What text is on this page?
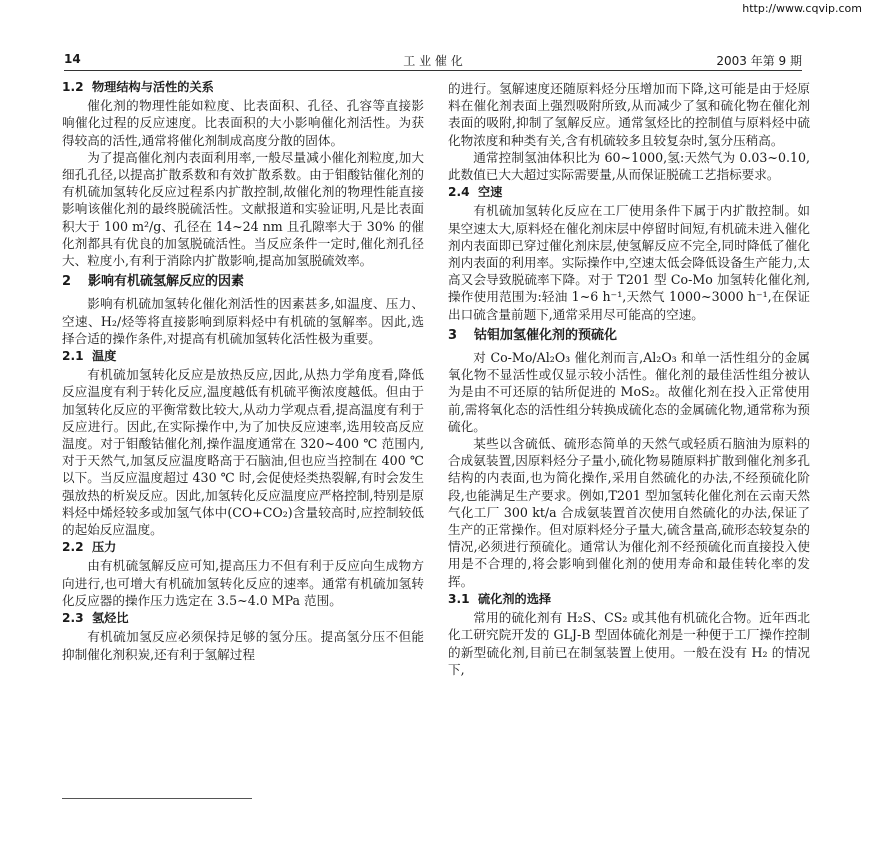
http://www.cqvip.com
14	工 业 催 化	2003 年第 9 期
1.2 物理结构与活性的关系

催化剂的物理性能如粒度、比表面积、孔径、孔容等直接影响催化过程的反应速度。比表面积的大小影响催化剂活性。为获得较高的活性,通常将催化剂制成高度分散的固体。

为了提高催化剂内表面利用率,一般尽量减小催化剂粒度,加大细孔孔径,以提高扩散系数和有效扩散系数。由于钼酸钴催化剂的有机硫加氢转化反应过程系内扩散控制,故催化剂的物理性能直接影响该催化剂的最终脱硫活性。文献报道和实验证明,凡是比表面积大于 100 m²/g、孔径在 14~24 nm 且孔隙率大于 30% 的催化剂都具有优良的加氢脱硫活性。当反应条件一定时,催化剂孔径大、粒度小,有利于消除内扩散影响,提高加氢脱硫效率。

2 影响有机硫氢解反应的因素

影响有机硫加氢转化催化剂活性的因素甚多,如温度、压力、空速、H₂/烃等将直接影响到原料烃中有机硫的氢解率。因此,选择合适的操作条件,对提高有机硫加氢转化活性极为重要。

2.1 温度

有机硫加氢转化反应是放热反应,因此,从热力学角度看,降低反应温度有利于转化反应,温度越低有机硫平衡浓度越低。但由于加氢转化反应的平衡常数比较大,从动力学观点看,提高温度有利于反应进行。因此,在实际操作中,为了加快反应速率,选用较高反应温度。对于钼酸钴催化剂,操作温度通常在 320~400 ℃ 范围内,对于天然气,加氢反应温度略高于石脑油,但也应当控制在 400 ℃ 以下。当反应温度超过 430 ℃ 时,会促使烃类热裂解,有时会发生强放热的析炭反应。因此,加氢转化反应温度应严格控制,特别是原料烃中烯烃较多或加氢气体中(CO+CO₂)含量较高时,应控制较低的起始反应温度。

2.2 压力

由有机硫氢解反应可知,提高压力不但有利于反应向生成物方向进行,也可增大有机硫加氢转化反应的速率。通常有机硫加氢转化反应器的操作压力选定在 3.5~4.0 MPa 范围。

2.3 氢烃比

有机硫加氢反应必须保持足够的氢分压。提高氢分压不但能抑制催化剂积炭,还有利于氢解过程

的进行。氢解速度还随原料烃分压增加而下降,这可能是由于烃原料在催化剂表面上强烈吸附所致,从而减少了氢和硫化物在催化剂表面的吸附,抑制了氢解反应。通常氢烃比的控制值与原料烃中硫化物浓度和种类有关,含有机硫较多且较复杂时,氢分压稍高。

通常控制氢油体积比为 60~1000,氢:天然气为 0.03~0.10,此数值已大大超过实际需要量,从而保证脱硫工艺指标要求。

2.4 空速

有机硫加氢转化反应在工厂使用条件下属于内扩散控制。如果空速太大,原料烃在催化剂床层中停留时间短,有机硫未进入催化剂内表面即已穿过催化剂床层,使氢解反应不完全,同时降低了催化剂内表面的利用率。实际操作中,空速太低会降低设备生产能力,太高又会导致脱硫率下降。对于 T201 型 Co-Mo 加氢转化催化剂,操作使用范围为:轻油 1~6 h⁻¹,天然气 1000~3000 h⁻¹,在保证出口硫含量前题下,通常采用尽可能高的空速。

3 钴钼加氢催化剂的预硫化

对 Co-Mo/Al₂O₃ 催化剂而言,Al₂O₃ 和单一活性组分的金属氧化物不显活性或仅显示较小活性。催化剂的最佳活性组分被认为是由不可还原的钴所促进的 MoS₂。故催化剂在投入正常使用前,需将氧化态的活性组分转换成硫化态的金属硫化物,通常称为预硫化。

某些以含硫低、硫形态简单的天然气或轻质石脑油为原料的合成氨装置,因原料烃分子量小,硫化物易随原料扩散到催化剂多孔结构的内表面,也为简化操作,采用自然硫化的办法,不经预硫化阶段,也能满足生产要求。例如,T201 型加氢转化催化剂在云南天然气化工厂 300 kt/a 合成氨装置首次使用自然硫化的办法,保证了生产的正常操作。但对原料烃分子量大,硫含量高,硫形态较复杂的情况,必须进行预硫化。通常认为催化剂不经预硫化而直接投入使用是不合理的,将会影响到催化剂的使用寿命和最佳转化率的发挥。

3.1 硫化剂的选择

常用的硫化剂有 H₂S、CS₂ 或其他有机硫化合物。近年西北化工研究院开发的 GLJ-B 型固体硫化剂是一种便于工厂操作控制的新型硫化剂,目前已在制氢装置上使用。一般在没有 H₂ 的情况下,
